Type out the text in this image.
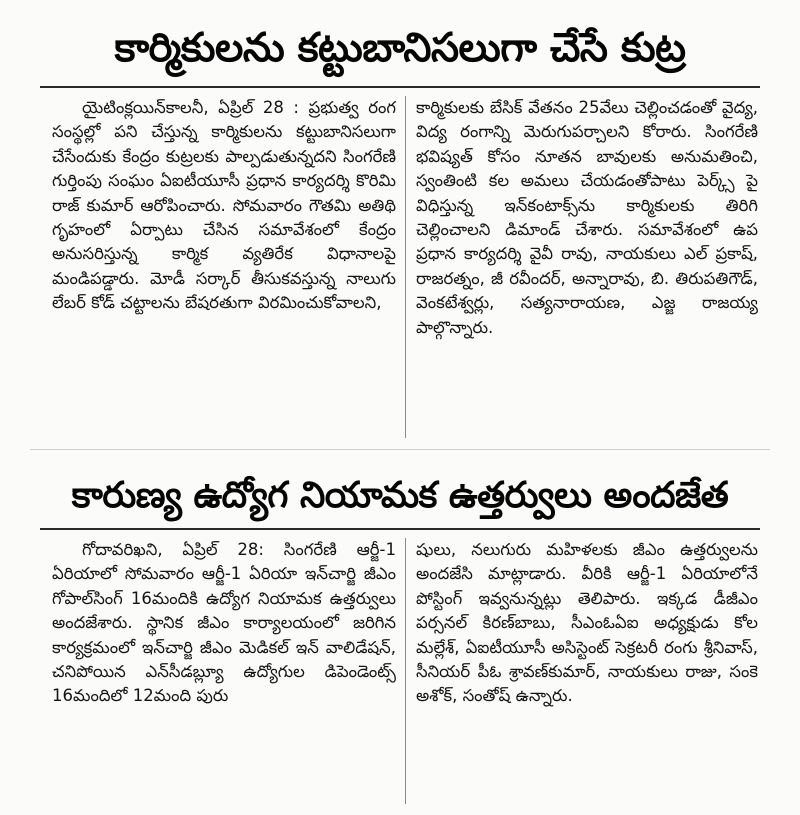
కార్మికులను కట్టుబానిసలుగా చేసే కుట్ర

యైటింక్లయిన్‌కాలనీ, ఏప్రిల్ 28 : ప్రభుత్వ రంగ సంస్థల్లో పని చేస్తున్న కార్మికులను కట్టుబానిసలుగా చేసేందుకు కేంద్రం కుట్రలకు పాల్పడుతున్నదని సింగరేణి గుర్తింపు సంఘం ఏఐటీయూసీ ప్రధాన కార్యదర్శి కొరిమి రాజ్ కుమార్ ఆరోపించారు. సోమవారం గౌతమి అతిథి గృహంలో ఏర్పాటు చేసిన సమావేశంలో కేంద్రం అనుసరిస్తున్న కార్మిక వ్యతిరేక విధానాలపై మండిపడ్డారు. మోడీ సర్కార్ తీసుకవస్తున్న నాలుగు లేబర్ కోడ్ చట్టాలను బేషరతుగా విరమించుకోవాలని,

కార్మికులకు బేసిక్ వేతనం 25వేలు చెల్లించడంతో వైద్య, విద్య రంగాన్ని మెరుగుపర్చాలని కోరారు. సింగరేణి భవిష్యత్ కోసం నూతన బావులకు అనుమతించి, స్వంతింటి కల అమలు చేయడంతోపాటు పెర్క్స్ పై విధిస్తున్న ఇన్‌కంటాక్స్‌ను కార్మికులకు తిరిగి చెల్లించాలని డిమాండ్ చేశారు. సమావేశంలో ఉప ప్రధాన కార్యదర్శి వైవీ రావు, నాయకులు ఎల్ ప్రకాష్, రాజరత్నం, జీ రవీందర్, అన్నారావు, బి. తిరుపతిగౌడ్, వెంకటేశ్వర్లు, సత్యనారాయణ, ఎజ్జ రాజయ్య పాల్గొన్నారు.

కారుణ్య ఉద్యోగ నియామక ఉత్తర్వులు అందజేత

గోదావరిఖని, ఏప్రిల్ 28: సింగరేణి ఆర్జీ-1 ఏరియాలో సోమవారం ఆర్జీ-1 ఏరియా ఇన్‌చార్జి జీఎం గోపాల్‌సింగ్ 16మందికి ఉద్యోగ నియామక ఉత్తర్వులు అందజేశారు. స్థానిక జీఎం కార్యాలయంలో జరిగిన కార్యక్రమంలో ఇన్‌చార్జి జీఎం మెడికల్ ఇన్ వాలిడేషన్, చనిపోయిన ఎన్‌సీడబ్ల్యూ ఉద్యోగుల డిపెండెంట్స్ 16మందిలో 12మంది పురు

షులు, నలుగురు మహిళలకు జీఎం ఉత్తర్వులను అందజేసి మాట్లాడారు. వీరికి ఆర్జీ-1 ఏరియాలోనే పోస్టింగ్ ఇవ్వనున్నట్లు తెలిపారు. ఇక్కడ డీజీఎం పర్సనల్ కిరణ్‌బాబు, సీఎంఓఏఐ అధ్యక్షుడు కోల మల్లేశ్, ఏఐటీయూసీ అసిస్టెంట్ సెక్రటరీ రంగు శ్రీనివాస్, సీనియర్ పీఓ శ్రావణ్‌కుమార్, నాయకులు రాజు, సంకె అశోక్, సంతోష్ ఉన్నారు.
